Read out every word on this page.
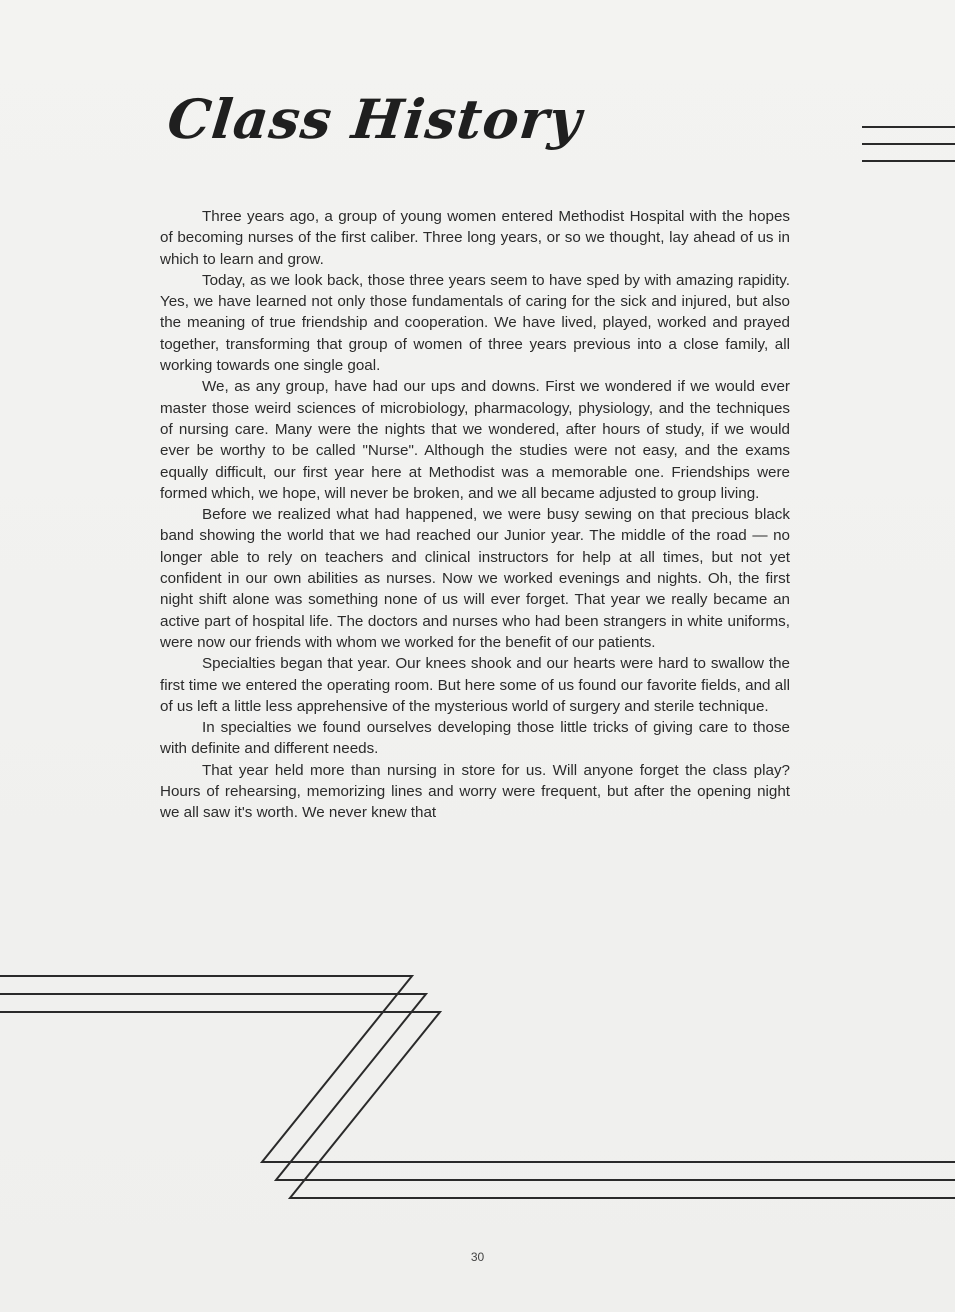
Class History

Three years ago, a group of young women entered Methodist Hospital with the hopes of becoming nurses of the first caliber. Three long years, or so we thought, lay ahead of us in which to learn and grow.

Today, as we look back, those three years seem to have sped by with amazing rapidity. Yes, we have learned not only those fundamentals of caring for the sick and injured, but also the meaning of true friendship and cooperation. We have lived, played, worked and prayed together, transforming that group of women of three years previous into a close family, all working towards one single goal.

We, as any group, have had our ups and downs. First we wondered if we would ever master those weird sciences of microbiology, pharmacology, physiology, and the techniques of nursing care. Many were the nights that we wondered, after hours of study, if we would ever be worthy to be called "Nurse". Although the studies were not easy, and the exams equally difficult, our first year here at Methodist was a memorable one. Friendships were formed which, we hope, will never be broken, and we all became adjusted to group living.

Before we realized what had happened, we were busy sewing on that precious black band showing the world that we had reached our Junior year. The middle of the road — no longer able to rely on teachers and clinical instructors for help at all times, but not yet confident in our own abilities as nurses. Now we worked evenings and nights. Oh, the first night shift alone was something none of us will ever forget. That year we really became an active part of hospital life. The doctors and nurses who had been strangers in white uniforms, were now our friends with whom we worked for the benefit of our patients.

Specialties began that year. Our knees shook and our hearts were hard to swallow the first time we entered the operating room. But here some of us found our favorite fields, and all of us left a little less apprehensive of the mysterious world of surgery and sterile technique.

In specialties we found ourselves developing those little tricks of giving care to those with definite and different needs.

That year held more than nursing in store for us. Will anyone forget the class play? Hours of rehearsing, memorizing lines and worry were frequent, but after the opening night we all saw it's worth. We never knew that

30
